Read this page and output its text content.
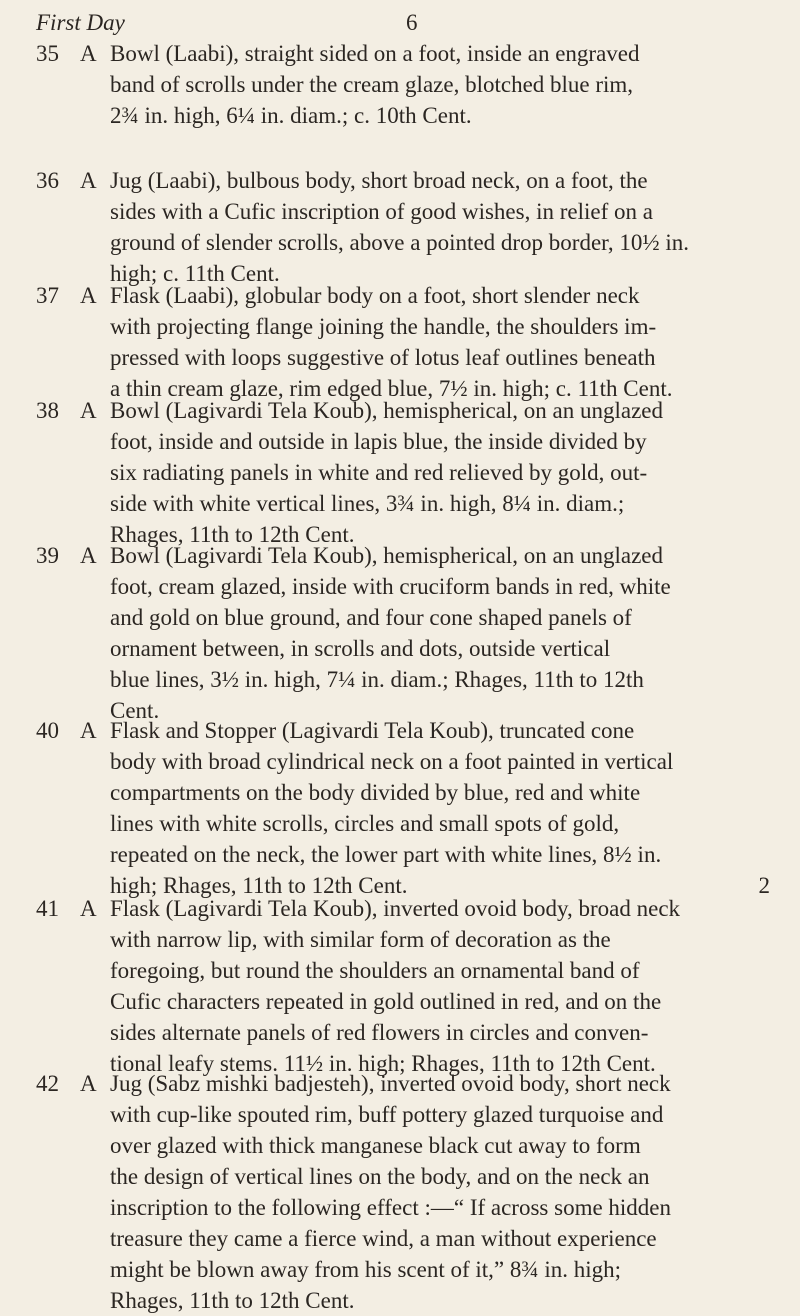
First Day	6
35 A Bowl (Laabi), straight sided on a foot, inside an engraved
band of scrolls under the cream glaze, blotched blue rim,
2¾ in. high, 6¼ in. diam.; c. 10th Cent.
36 A Jug (Laabi), bulbous body, short broad neck, on a foot, the
sides with a Cufic inscription of good wishes, in relief on a
ground of slender scrolls, above a pointed drop border, 10½ in.
high; c. 11th Cent.
37 A Flask (Laabi), globular body on a foot, short slender neck
with projecting flange joining the handle, the shoulders im-
pressed with loops suggestive of lotus leaf outlines beneath
a thin cream glaze, rim edged blue, 7½ in. high; c. 11th Cent.
38 A Bowl (Lagivardi Tela Koub), hemispherical, on an unglazed
foot, inside and outside in lapis blue, the inside divided by
six radiating panels in white and red relieved by gold, out-
side with white vertical lines, 3¾ in. high, 8¼ in. diam.;
Rhages, 11th to 12th Cent.
39 A Bowl (Lagivardi Tela Koub), hemispherical, on an unglazed
foot, cream glazed, inside with cruciform bands in red, white
and gold on blue ground, and four cone shaped panels of
ornament between, in scrolls and dots, outside vertical
blue lines, 3½ in. high, 7¼ in. diam.; Rhages, 11th to 12th
Cent.
40 A Flask and Stopper (Lagivardi Tela Koub), truncated cone
body with broad cylindrical neck on a foot painted in vertical
compartments on the body divided by blue, red and white
lines with white scrolls, circles and small spots of gold,
repeated on the neck, the lower part with white lines, 8½ in.
high; Rhages, 11th to 12th Cent.	2
41 A Flask (Lagivardi Tela Koub), inverted ovoid body, broad neck
with narrow lip, with similar form of decoration as the
foregoing, but round the shoulders an ornamental band of
Cufic characters repeated in gold outlined in red, and on the
sides alternate panels of red flowers in circles and conven-
tional leafy stems. 11½ in. high; Rhages, 11th to 12th Cent.
42 A Jug (Sabz mishki badjesteh), inverted ovoid body, short neck
with cup-like spouted rim, buff pottery glazed turquoise and
over glazed with thick manganese black cut away to form
the design of vertical lines on the body, and on the neck an
inscription to the following effect :—“ If across some hidden
treasure they came a fierce wind, a man without experience
might be blown away from his scent of it,” 8¾ in. high;
Rhages, 11th to 12th Cent.
